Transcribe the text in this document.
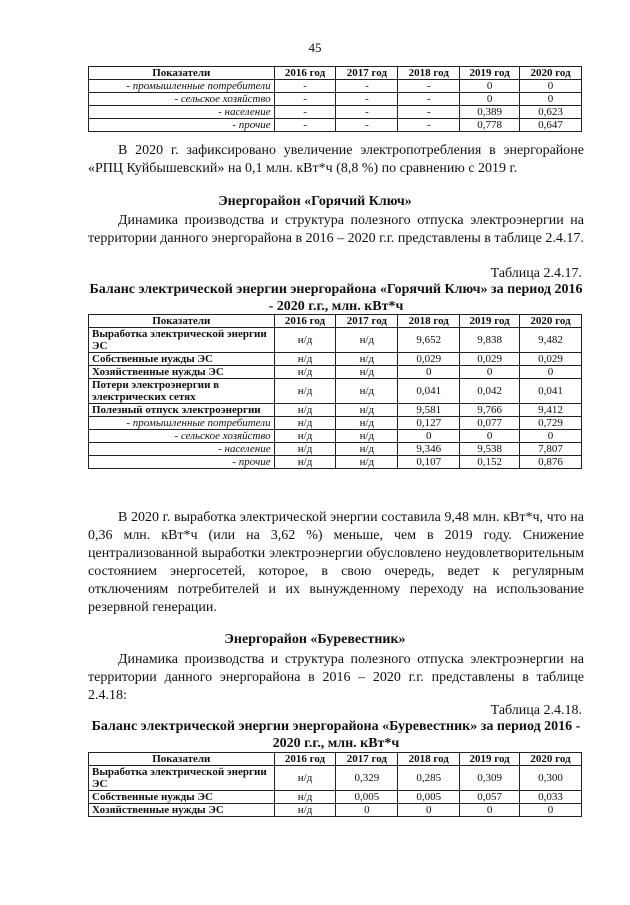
45
Показатели	2016 год	2017 год	2018 год	2019 год	2020 год
- промышленные потребители	-	-	-	0	0
- сельское хозяйство	-	-	-	0	0
- население	-	-	-	0,389	0,623
- прочие	-	-	-	0,778	0,647
В 2020 г. зафиксировано увеличение электропотребления в энергорайоне «РПЦ Куйбышевский» на 0,1 млн. кВт*ч (8,8 %) по сравнению с 2019 г.
Энергорайон «Горячий Ключ»
Динамика производства и структура полезного отпуска электроэнергии на территории данного энергорайона в 2016 – 2020 г.г. представлены в таблице 2.4.17.
Таблица 2.4.17.
Баланс электрической энергии энергорайона «Горячий Ключ» за период 2016 - 2020 г.г., млн. кВт*ч
Показатели	2016 год	2017 год	2018 год	2019 год	2020 год
Выработка электрической энергии ЭС	н/д	н/д	9,652	9,838	9,482
Собственные нужды ЭС	н/д	н/д	0,029	0,029	0,029
Хозяйственные нужды ЭС	н/д	н/д	0	0	0
Потери электроэнергии в электрических сетях	н/д	н/д	0,041	0,042	0,041
Полезный отпуск электроэнергии	н/д	н/д	9,581	9,766	9,412
- промышленные потребители	н/д	н/д	0,127	0,077	0,729
- сельское хозяйство	н/д	н/д	0	0	0
- население	н/д	н/д	9,346	9,538	7,807
- прочие	н/д	н/д	0,107	0,152	0,876
В 2020 г. выработка электрической энергии составила 9,48 млн. кВт*ч, что на 0,36 млн. кВт*ч (или на 3,62 %) меньше, чем в 2019 году. Снижение централизованной выработки электроэнергии обусловлено неудовлетворительным состоянием энергосетей, которое, в свою очередь, ведет к регулярным отключениям потребителей и их вынужденному переходу на использование резервной генерации.
Энергорайон «Буревестник»
Динамика производства и структура полезного отпуска электроэнергии на территории данного энергорайона в 2016 – 2020 г.г. представлены в таблице 2.4.18:
Таблица 2.4.18.
Баланс электрической энергии энергорайона «Буревестник» за период 2016 - 2020 г.г., млн. кВт*ч
Показатели	2016 год	2017 год	2018 год	2019 год	2020 год
Выработка электрической энергии ЭС	н/д	0,329	0,285	0,309	0,300
Собственные нужды ЭС	н/д	0,005	0,005	0,057	0,033
Хозяйственные нужды ЭС	н/д	0	0	0	0
